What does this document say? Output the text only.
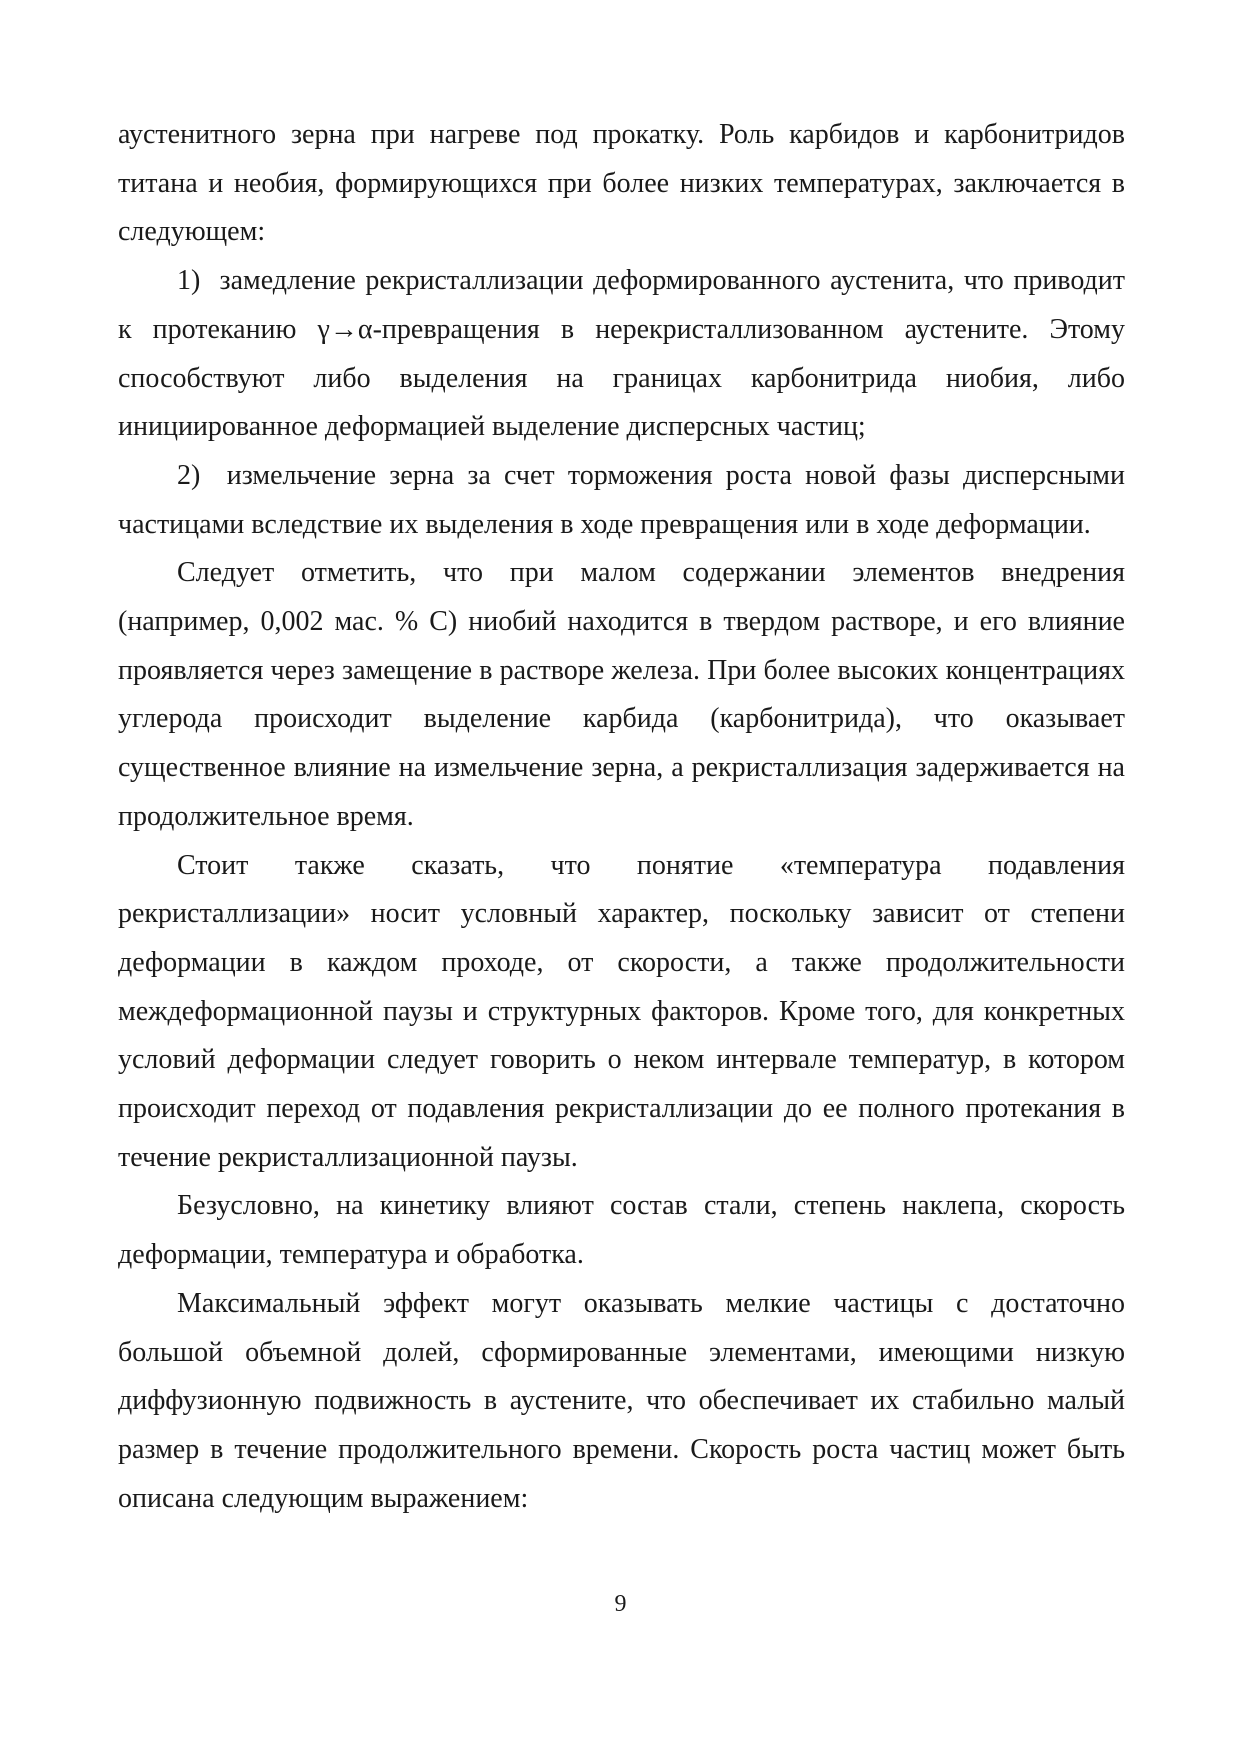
аустенитного зерна при нагреве под прокатку. Роль карбидов и карбонитридов титана и необия, формирующихся при более низких температурах, заключается в следующем:

1)  замедление рекристаллизации деформированного аустенита, что приводит к протеканию γ→α-превращения в нерекристаллизованном аустените. Этому способствуют либо выделения на границах карбонитрида ниобия, либо инициированное деформацией выделение дисперсных частиц;

2)  измельчение зерна за счет торможения роста новой фазы дисперсными частицами вследствие их выделения в ходе превращения или в ходе деформации.

Следует отметить, что при малом содержании элементов внедрения (например, 0,002 мас. % С) ниобий находится в твердом растворе, и его влияние проявляется через замещение в растворе железа. При более высоких концентрациях углерода происходит выделение карбида (карбонитрида), что оказывает существенное влияние на измельчение зерна, а рекристаллизация задерживается на продолжительное время.

Стоит также сказать, что понятие «температура подавления рекристаллизации» носит условный характер, поскольку зависит от степени деформации в каждом проходе, от скорости, а также продолжительности междеформационной паузы и структурных факторов. Кроме того, для конкретных условий деформации следует говорить о неком интервале температур, в котором происходит переход от подавления рекристаллизации до ее полного протекания в течение рекристаллизационной паузы.

Безусловно, на кинетику влияют состав стали, степень наклепа, скорость деформации, температура и обработка.

Максимальный эффект могут оказывать мелкие частицы с достаточно большой объемной долей, сформированные элементами, имеющими низкую диффузионную подвижность в аустените, что обеспечивает их стабильно малый размер в течение продолжительного времени. Скорость роста частиц может быть описана следующим выражением:

9
